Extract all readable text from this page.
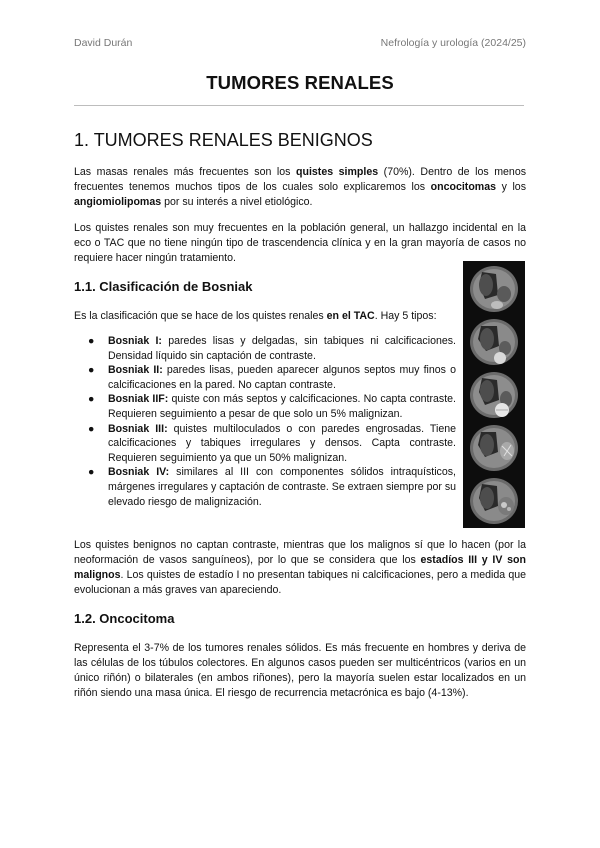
David Durán	Nefrología y urología (2024/25)
TUMORES RENALES
1. TUMORES RENALES BENIGNOS

Las masas renales más frecuentes son los quistes simples (70%). Dentro de los menos frecuentes tenemos muchos tipos de los cuales solo explicaremos los oncocitomas y los angiomiolipomas por su interés a nivel etiológico.

Los quistes renales son muy frecuentes en la población general, un hallazgo incidental en la eco o TAC que no tiene ningún tipo de trascendencia clínica y en la gran mayoría de casos no requiere hacer ningún tratamiento.

1.1. Clasificación de Bosniak

Es la clasificación que se hace de los quistes renales en el TAC. Hay 5 tipos:

● Bosniak I: paredes lisas y delgadas, sin tabiques ni calcificaciones. Densidad líquido sin captación de contraste.
● Bosniak II: paredes lisas, pueden aparecer algunos septos muy finos o calcificaciones en la pared. No captan contraste.
● Bosniak IIF: quiste con más septos y calcificaciones. No capta contraste. Requieren seguimiento a pesar de que solo un 5% malignizan.
● Bosniak III: quistes multiloculados o con paredes engrosadas. Tiene calcificaciones y tabiques irregulares y densos. Capta contraste. Requieren seguimiento ya que un 50% malignizan.
● Bosniak IV: similares al III con componentes sólidos intraquísticos, márgenes irregulares y captación de contraste. Se extraen siempre por su elevado riesgo de malignización.

Los quistes benignos no captan contraste, mientras que los malignos sí que lo hacen (por la neoformación de vasos sanguíneos), por lo que se considera que los estadíos III y IV son malignos. Los quistes de estadío I no presentan tabiques ni calcificaciones, pero a medida que evolucionan a más graves van apareciendo.

1.2. Oncocitoma

Representa el 3-7% de los tumores renales sólidos. Es más frecuente en hombres y deriva de las células de los túbulos colectores. En algunos casos pueden ser multicéntricos (varios en un único riñón) o bilaterales (en ambos riñones), pero la mayoría suelen estar localizados en un riñón siendo una masa única. El riesgo de recurrencia metacrónica es bajo (4-13%).
